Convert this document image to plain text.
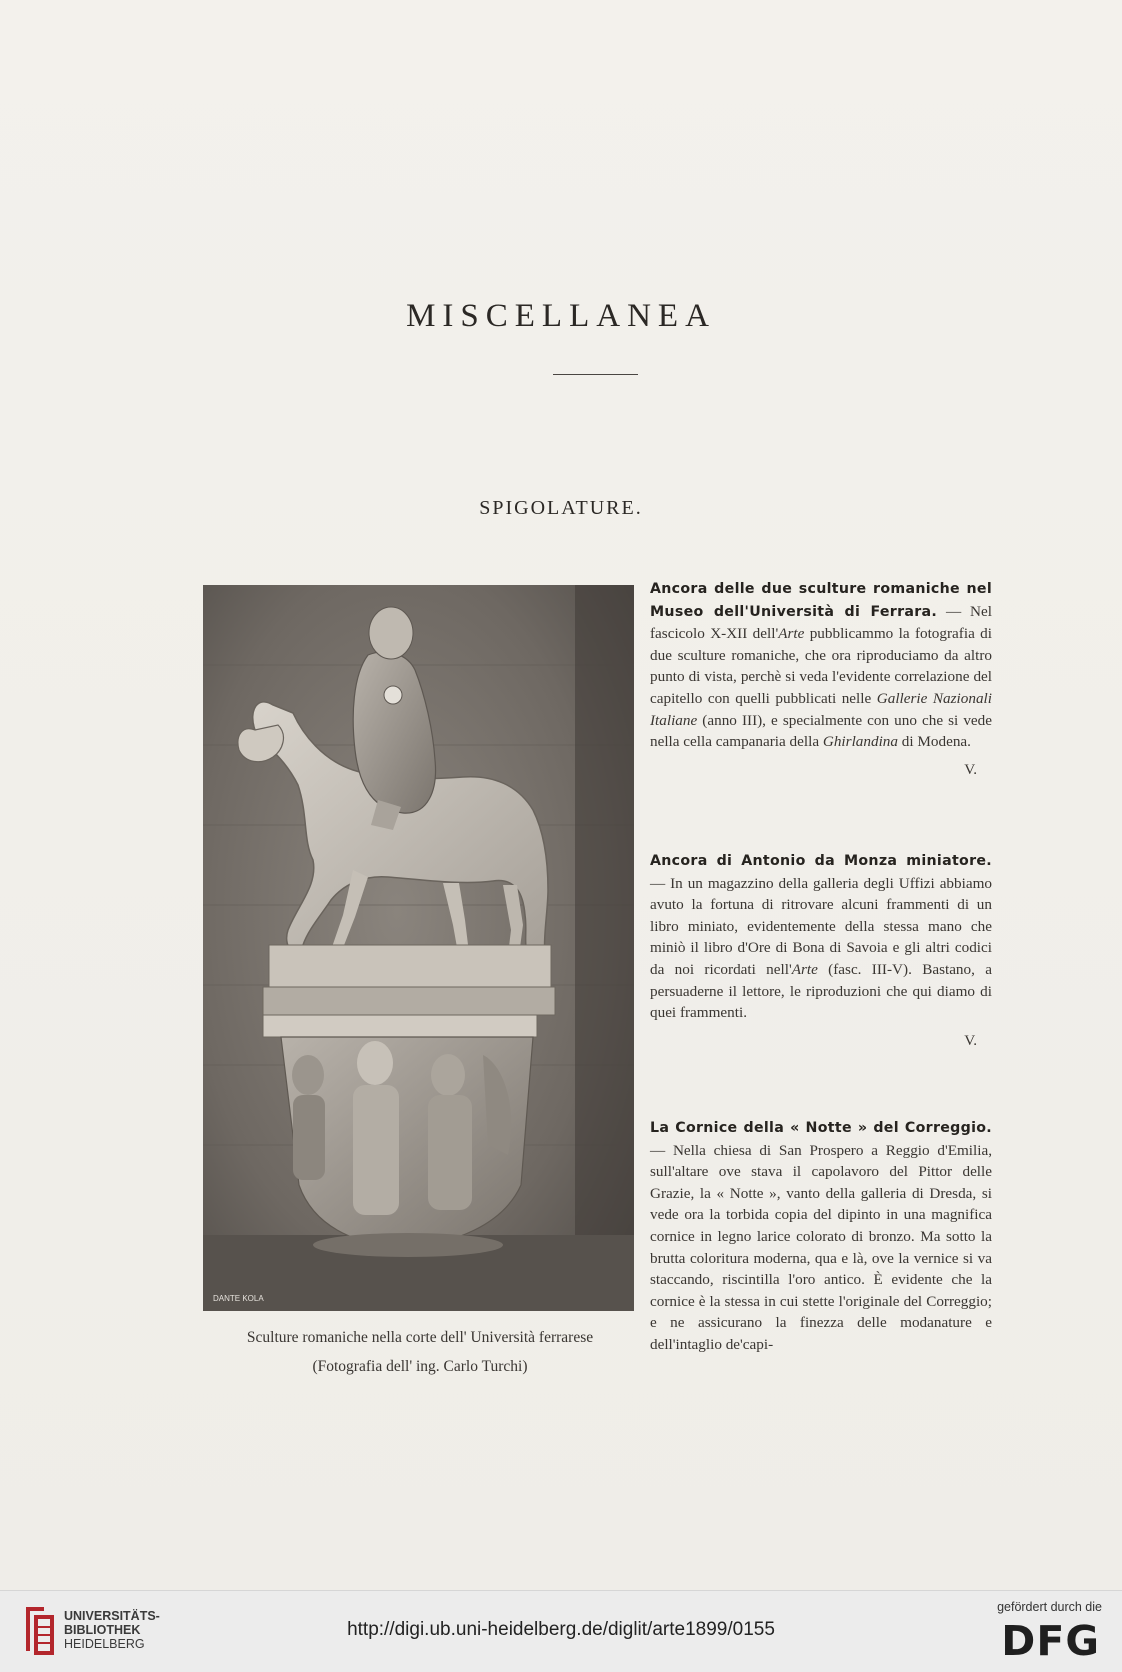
MISCELLANEA
SPIGOLATURE.
DANTE KOLA
Sculture romaniche nella corte dell' Università ferrarese
(Fotografia dell' ing. Carlo Turchi)

Ancora delle due sculture romaniche nel Museo dell'Università di Ferrara. — Nel fascicolo X-XII dell'Arte pubblicammo la fotografia di due sculture romaniche, che ora riproduciamo da altro punto di vista, perchè si veda l'evidente correlazione del capitello con quelli pubblicati nelle Gallerie Nazionali Italiane (anno III), e specialmente con uno che si vede nella cella campanaria della Ghirlandina di Modena.

V.

Ancora di Antonio da Monza miniatore. — In un magazzino della galleria degli Uffizi abbiamo avuto la fortuna di ritrovare alcuni frammenti di un libro miniato, evidentemente della stessa mano che miniò il libro d'Ore di Bona di Savoia e gli altri codici da noi ricordati nell'Arte (fasc. III-V). Bastano, a persuaderne il lettore, le riproduzioni che qui diamo di quei frammenti.

V.

La Cornice della « Notte » del Correggio. — Nella chiesa di San Prospero a Reggio d'Emilia, sull'altare ove stava il capolavoro del Pittor delle Grazie, la « Notte », vanto della galleria di Dresda, si vede ora la torbida copia del dipinto in una magnifica cornice in legno larice colorato di bronzo. Ma sotto la brutta coloritura moderna, qua e là, ove la vernice si va staccando, riscintilla l'oro antico. È evidente che la cornice è la stessa in cui stette l'originale del Correggio; e ne assicurano la finezza delle modanature e dell'intaglio de'capi-

UNIVERSITÄTS-
BIBLIOTHEK
HEIDELBERG
http://digi.ub.uni-heidelberg.de/diglit/arte1899/0155
gefördert durch die
DFG
